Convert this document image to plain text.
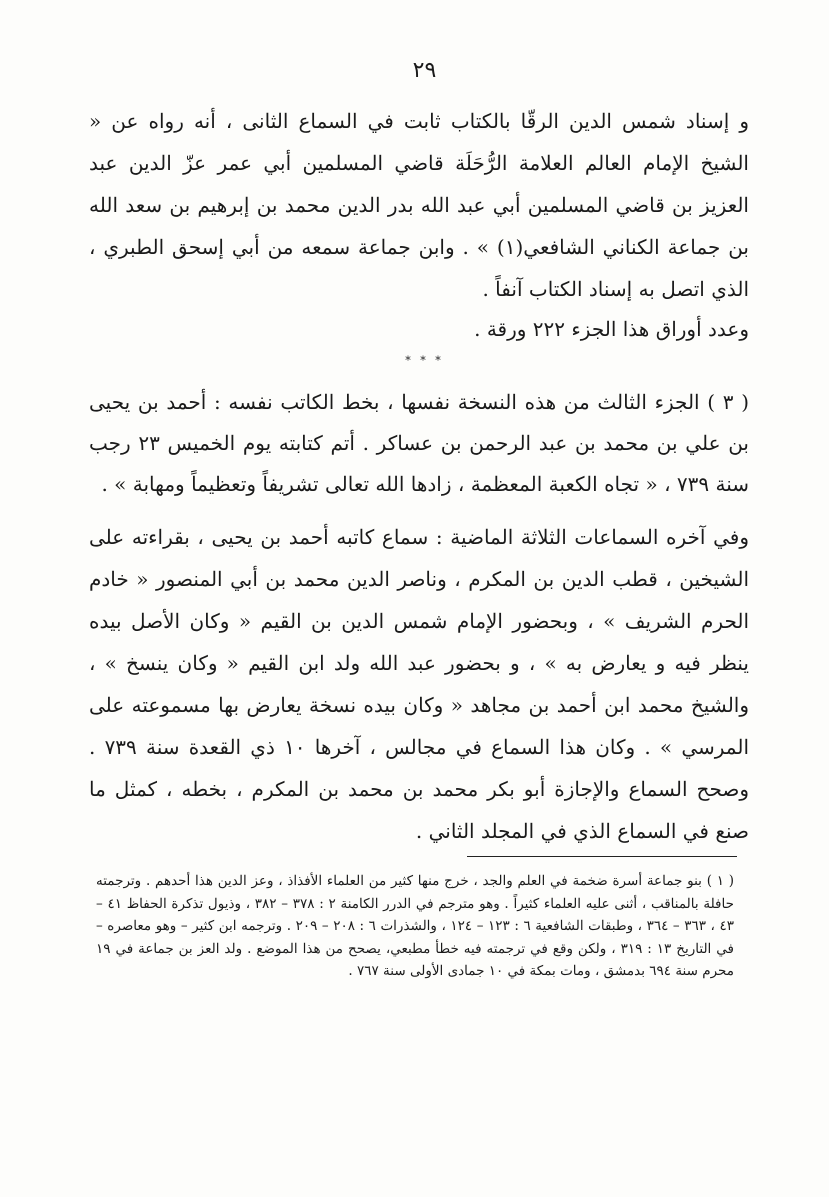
٢٩

و إسناد شمس الدين الرقّا بالكتاب ثابت في السماع الثانى ، أنه رواه عن « الشيخ الإمام العالم العلامة الرُّحَلَة قاضي المسلمين أبي عمر عزّ الدين عبد العزيز بن قاضي المسلمين أبي عبد الله بدر الدين محمد بن إبرهيم بن سعد الله بن جماعة الكناني الشافعي(١) » . وابن جماعة سمعه من أبي إسحق الطبري ، الذي اتصل به إسناد الكتاب آنفاً .

وعدد أوراق هذا الجزء ٢٢٢ ورقة .

* * *

( ٣ ) الجزء الثالث من هذه النسخة نفسها ، بخط الكاتب نفسه : أحمد بن يحيى بن علي بن محمد بن عبد الرحمن بن عساكر . أتم كتابته يوم الخميس ٢٣ رجب سنة ٧٣٩ ، « تجاه الكعبة المعظمة ، زادها الله تعالى تشريفاً وتعظيماً ومهابة » .

وفي آخره السماعات الثلاثة الماضية : سماع كاتبه أحمد بن يحيى ، بقراءته على الشيخين ، قطب الدين بن المكرم ، وناصر الدين محمد بن أبي المنصور « خادم الحرم الشريف » ، وبحضور الإمام شمس الدين بن القيم « وكان الأصل بيده ينظر فيه و يعارض به » ، و بحضور عبد الله ولد ابن القيم « وكان ينسخ » ، والشيخ محمد ابن أحمد بن مجاهد « وكان بيده نسخة يعارض بها مسموعته على المرسي » . وكان هذا السماع في مجالس ، آخرها ١٠ ذي القعدة سنة ٧٣٩ . وصحح السماع والإجازة أبو بكر محمد بن محمد بن المكرم ، بخطه ، كمثل ما صنع في السماع الذي في المجلد الثاني .

( ١ ) بنو جماعة أسرة ضخمة في العلم والجد ، خرج منها كثير من العلماء الأفذاذ ، وعز الدين هذا أحدهم . وترجمته حافلة بالمناقب ، أثنى عليه العلماء كثيراً . وهو مترجم في الدرر الكامنة ٢ : ٣٧٨ – ٣٨٢ ، وذيول تذكرة الحفاظ ٤١ – ٤٣ ، ٣٦٣ – ٣٦٤ ، وطبقات الشافعية ٦ : ١٢٣ – ١٢٤ ، والشذرات ٦ : ٢٠٨ – ٢٠٩ . وترجمه ابن كثير – وهو معاصره – في التاريخ ١٣ : ٣١٩ ، ولكن وقع في ترجمته فيه خطأ مطبعي، يصحح من هذا الموضع . ولد العز بن جماعة في ١٩ محرم سنة ٦٩٤ بدمشق ، ومات بمكة في ١٠ جمادى الأولى سنة ٧٦٧ .
